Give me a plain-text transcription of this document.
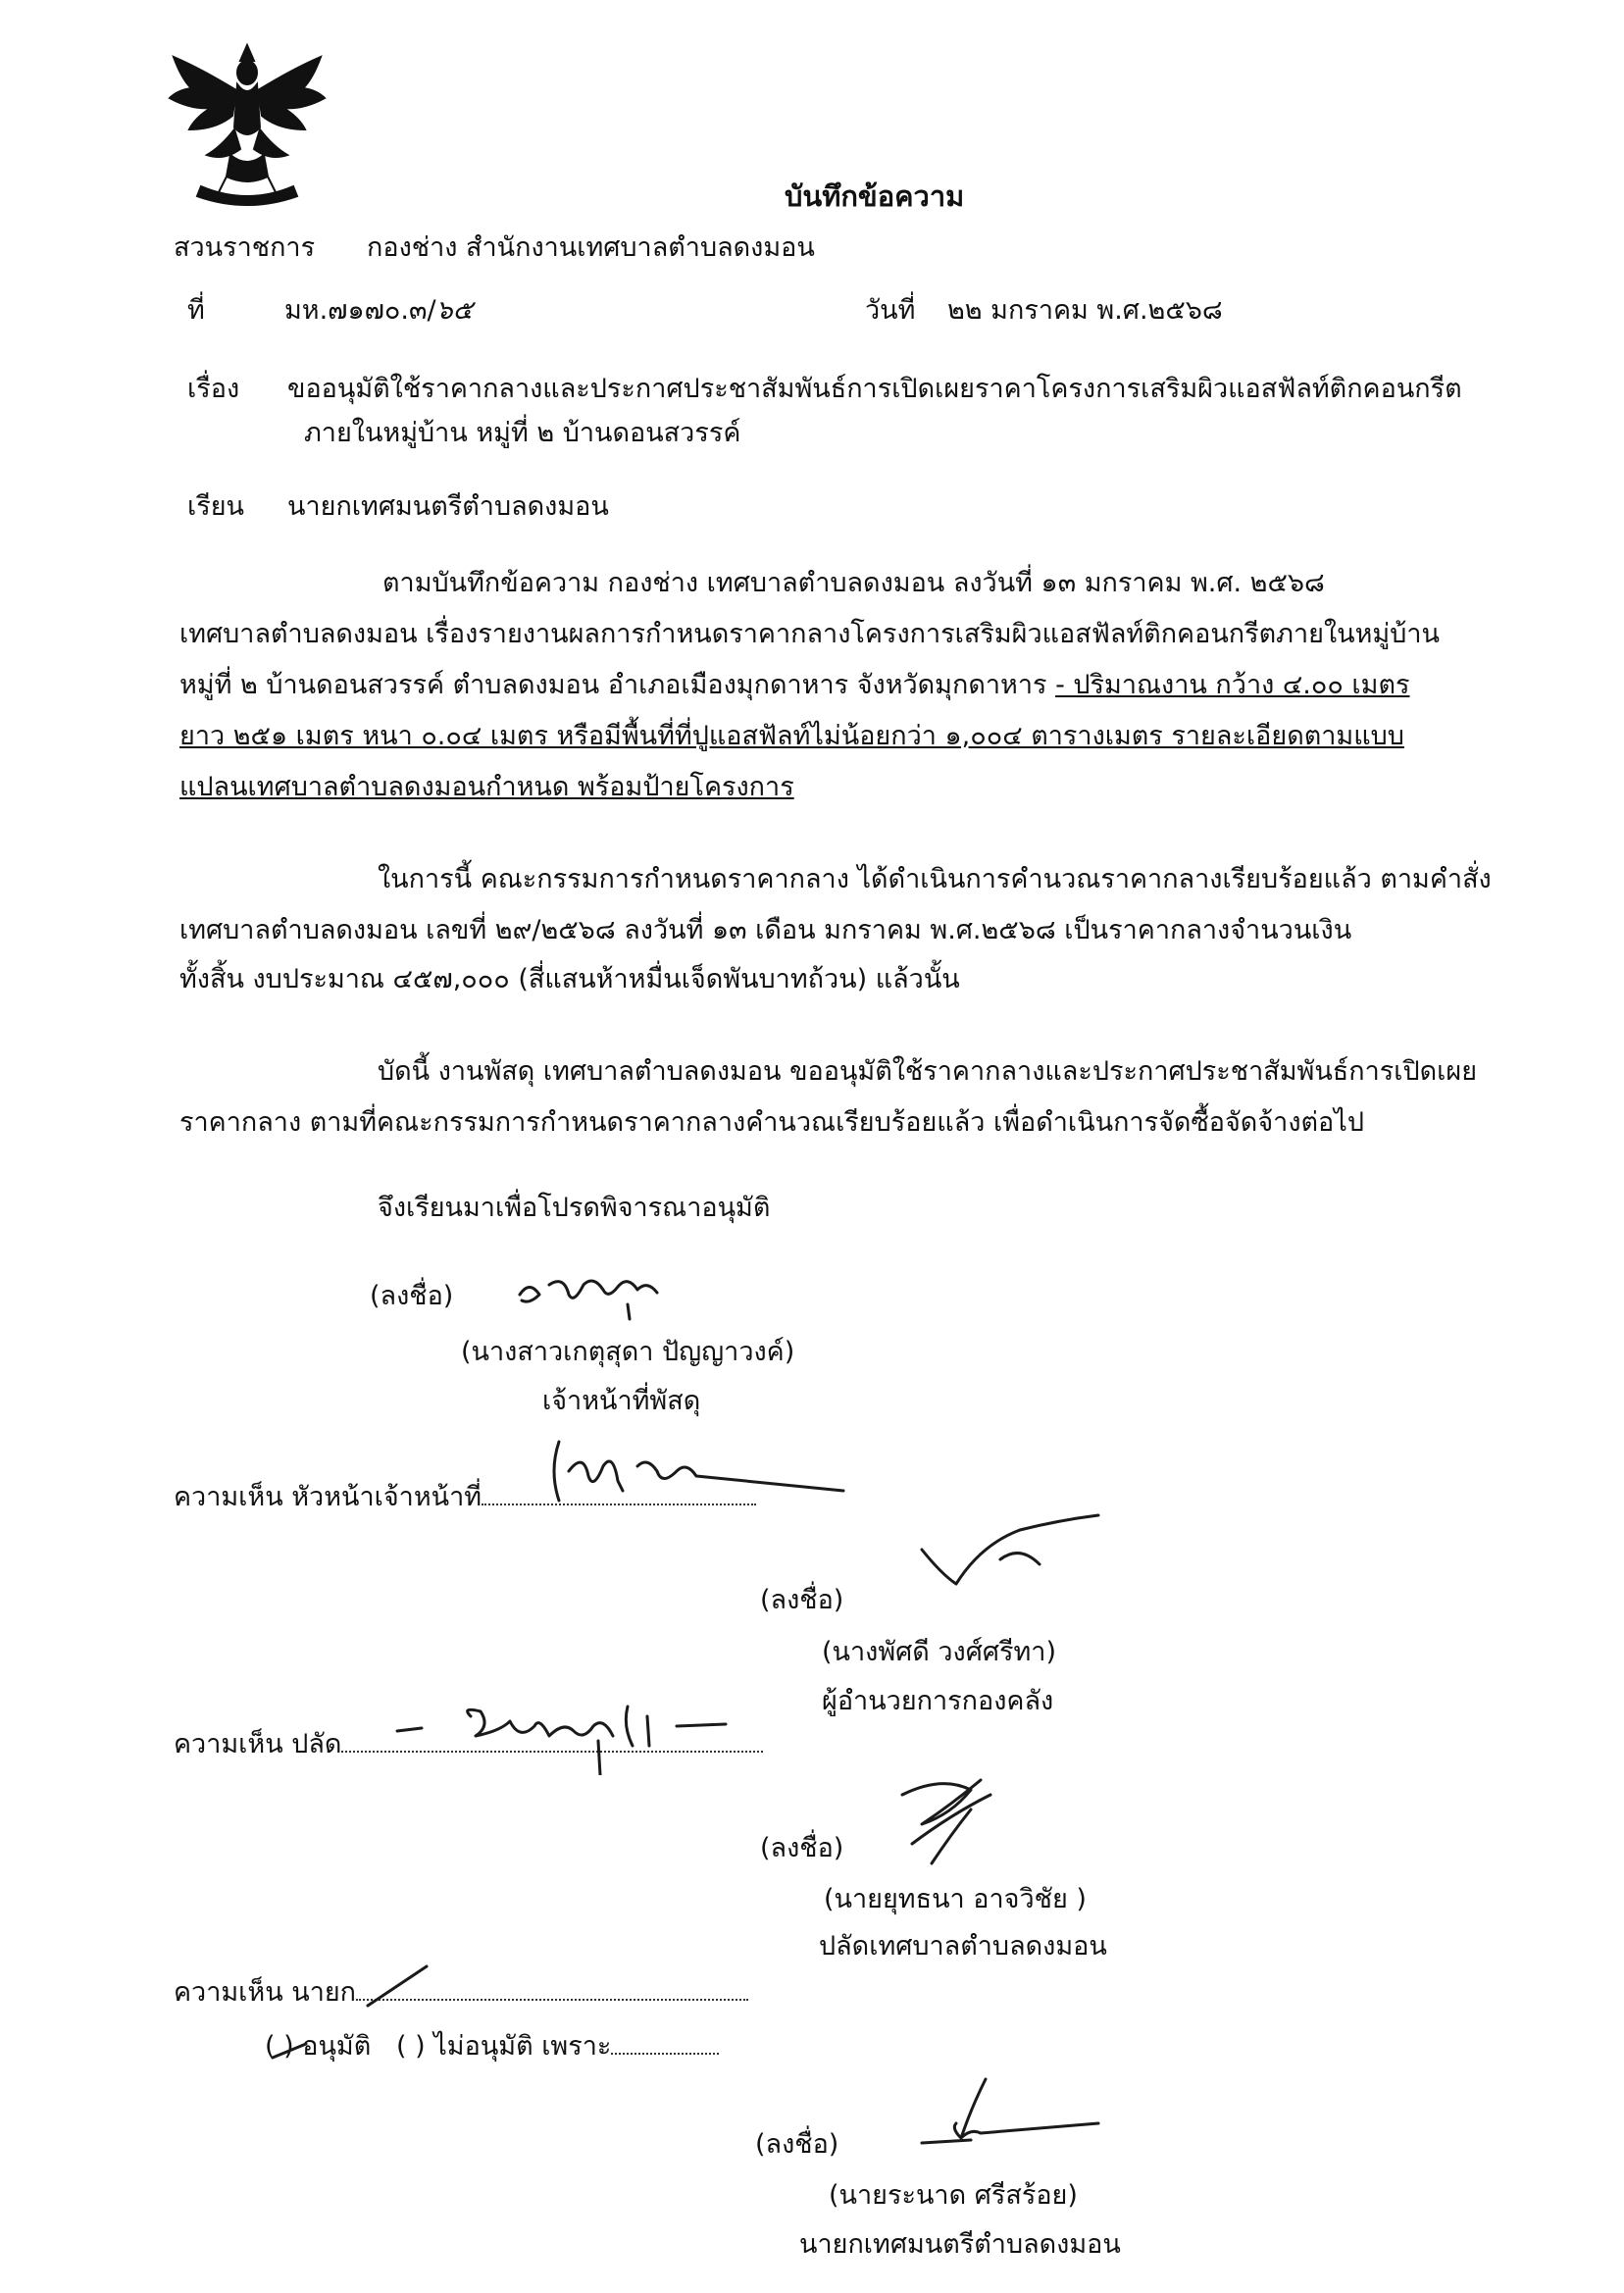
บันทึกข้อความ
สวนราชการ กองช่าง สำนักงานเทศบาลตำบลดงมอน
ที่	มห.๗๑๗๐.๓/๖๕	วันที่ ๒๒ มกราคม พ.ศ.๒๕๖๘
เรื่อง ขออนุมัติใช้ราคากลางและประกาศประชาสัมพันธ์การเปิดเผยราคาโครงการเสริมผิวแอสฟัลท์ติกคอนกรีต
ภายในหมู่บ้าน หมู่ที่ ๒ บ้านดอนสวรรค์
เรียน นายกเทศมนตรีตำบลดงมอน
ตามบันทึกข้อความ กองช่าง เทศบาลตำบลดงมอน ลงวันที่ ๑๓ มกราคม พ.ศ. ๒๕๖๘
เทศบาลตำบลดงมอน เรื่องรายงานผลการกำหนดราคากลางโครงการเสริมผิวแอสฟัลท์ติกคอนกรีตภายในหมู่บ้าน
หมู่ที่ ๒ บ้านดอนสวรรค์ ตำบลดงมอน อำเภอเมืองมุกดาหาร จังหวัดมุกดาหาร - ปริมาณงาน กว้าง ๔.๐๐ เมตร
ยาว ๒๕๑ เมตร หนา ๐.๐๔ เมตร หรือมีพื้นที่ที่ปูแอสฟัลท์ไม่น้อยกว่า ๑,๐๐๔ ตารางเมตร รายละเอียดตามแบบ
แปลนเทศบาลตำบลดงมอนกำหนด พร้อมป้ายโครงการ
ในการนี้ คณะกรรมการกำหนดราคากลาง ได้ดำเนินการคำนวณราคากลางเรียบร้อยแล้ว ตามคำสั่ง
เทศบาลตำบลดงมอน เลขที่ ๒๙/๒๕๖๘ ลงวันที่ ๑๓ เดือน มกราคม พ.ศ.๒๕๖๘ เป็นราคากลางจำนวนเงิน
ทั้งสิ้น งบประมาณ ๔๕๗,๐๐๐ (สี่แสนห้าหมื่นเจ็ดพันบาทถ้วน) แล้วนั้น
บัดนี้ งานพัสดุ เทศบาลตำบลดงมอน ขออนุมัติใช้ราคากลางและประกาศประชาสัมพันธ์การเปิดเผย
ราคากลาง ตามที่คณะกรรมการกำหนดราคากลางคำนวณเรียบร้อยแล้ว เพื่อดำเนินการจัดซื้อจัดจ้างต่อไป
จึงเรียนมาเพื่อโปรดพิจารณาอนุมัติ
(ลงชื่อ)
(นางสาวเกตุสุดา ปัญญาวงค์)
เจ้าหน้าที่พัสดุ
ความเห็น หัวหน้าเจ้าหน้าที่
(ลงชื่อ)
(นางพัศดี วงศ์ศรีทา)
ผู้อำนวยการกองคลัง
ความเห็น ปลัด
(ลงชื่อ)
(นายยุทธนา อาจวิชัย )
ปลัดเทศบาลตำบลดงมอน
ความเห็น นายก
( ) อนุมัติ ( ) ไม่อนุมัติ เพราะ
(ลงชื่อ)
(นายระนาด ศรีสร้อย)
นายกเทศมนตรีตำบลดงมอน
